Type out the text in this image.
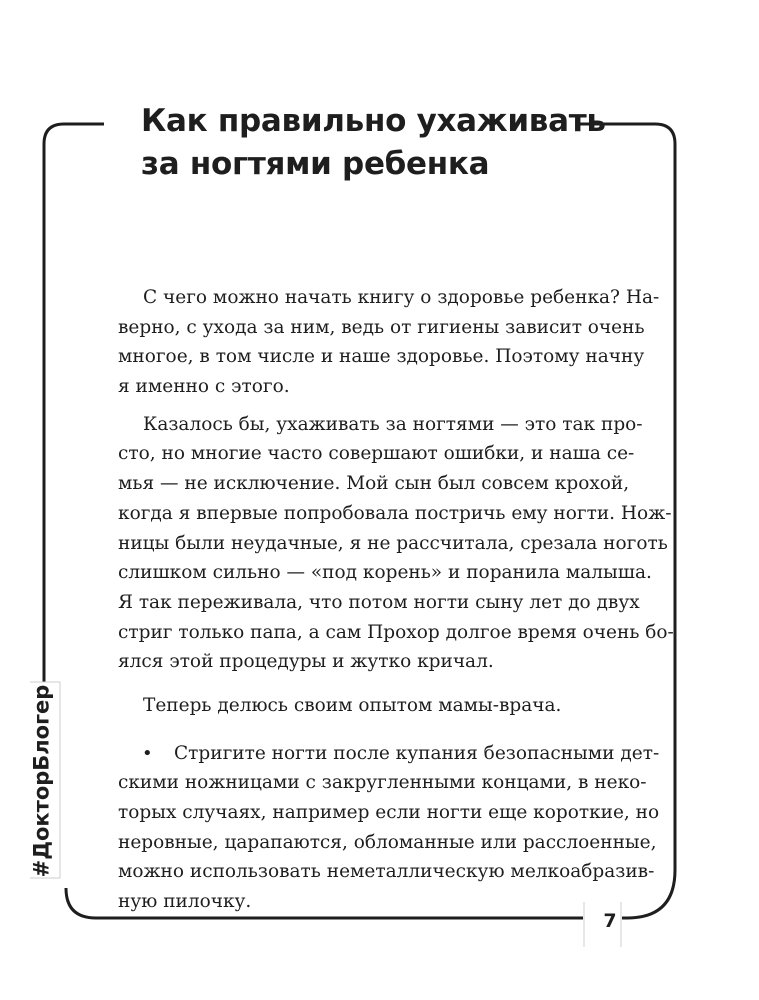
Как правильно ухаживать
за ногтями ребенка
С чего можно начать книгу о здоровье ребенка? На-
верно, с ухода за ним, ведь от гигиены зависит очень
многое, в том числе и наше здоровье. Поэтому начну
я именно с этого.
Казалось бы, ухаживать за ногтями — это так про-
сто, но многие часто совершают ошибки, и наша се-
мья — не исключение. Мой сын был совсем крохой,
когда я впервые попробовала постричь ему ногти. Нож-
ницы были неудачные, я не рассчитала, срезала ноготь
слишком сильно — «под корень» и поранила малыша.
Я так переживала, что потом ногти сыну лет до двух
стриг только папа, а сам Прохор долгое время очень бо-
ялся этой процедуры и жутко кричал.
Теперь делюсь своим опытом мамы-врача.
•	Стригите ногти после купания безопасными дет-
скими ножницами с закругленными концами, в неко-
торых случаях, например если ногти еще короткие, но
неровные, царапаются, обломанные или расслоенные,
можно использовать неметаллическую мелкоабразив-
ную пилочку.
#ДокторБлогер
7
